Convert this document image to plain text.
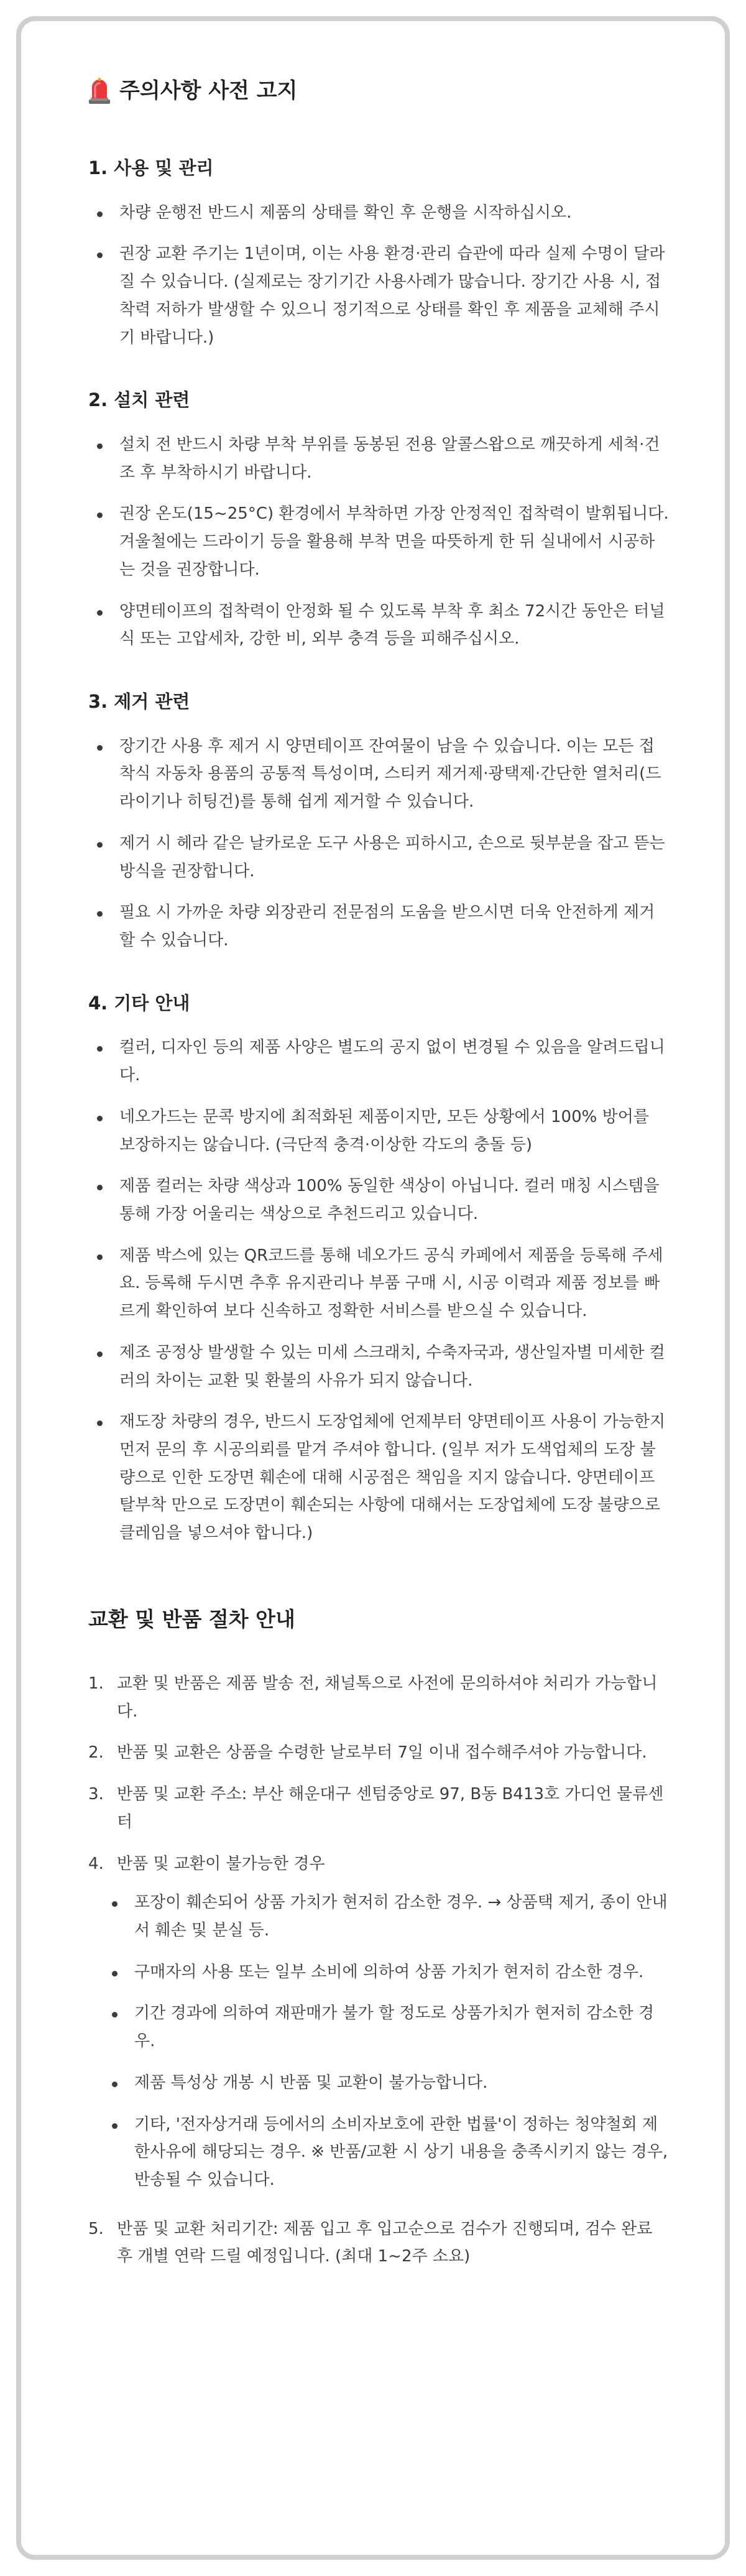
주의사항 사전 고지
1. 사용 및 관리
차량 운행전 반드시 제품의 상태를 확인 후 운행을 시작하십시오.
권장 교환 주기는 1년이며, 이는 사용 환경·관리 습관에 따라 실제 수명이 달라질 수 있습니다. (실제로는 장기기간 사용사례가 많습니다. 장기간 사용 시, 접착력 저하가 발생할 수 있으니 정기적으로 상태를 확인 후 제품을 교체해 주시기 바랍니다.)
2. 설치 관련
설치 전 반드시 차량 부착 부위를 동봉된 전용 알콜스왑으로 깨끗하게 세척·건조 후 부착하시기 바랍니다.
권장 온도(15~25°C) 환경에서 부착하면 가장 안정적인 접착력이 발휘됩니다. 겨울철에는 드라이기 등을 활용해 부착 면을 따뜻하게 한 뒤 실내에서 시공하는 것을 권장합니다.
양면테이프의 접착력이 안정화 될 수 있도록 부착 후 최소 72시간 동안은 터널식 또는 고압세차, 강한 비, 외부 충격 등을 피해주십시오.
3. 제거 관련
장기간 사용 후 제거 시 양면테이프 잔여물이 남을 수 있습니다. 이는 모든 접착식 자동차 용품의 공통적 특성이며, 스티커 제거제·광택제·간단한 열처리(드라이기나 히팅건)를 통해 쉽게 제거할 수 있습니다.
제거 시 헤라 같은 날카로운 도구 사용은 피하시고, 손으로 뒷부분을 잡고 뜯는 방식을 권장합니다.
필요 시 가까운 차량 외장관리 전문점의 도움을 받으시면 더욱 안전하게 제거할 수 있습니다.
4. 기타 안내
컬러, 디자인 등의 제품 사양은 별도의 공지 없이 변경될 수 있음을 알려드립니다.
네오가드는 문콕 방지에 최적화된 제품이지만, 모든 상황에서 100% 방어를 보장하지는 않습니다. (극단적 충격·이상한 각도의 충돌 등)
제품 컬러는 차량 색상과 100% 동일한 색상이 아닙니다. 컬러 매칭 시스템을 통해 가장 어울리는 색상으로 추천드리고 있습니다.
제품 박스에 있는 QR코드를 통해 네오가드 공식 카페에서 제품을 등록해 주세요. 등록해 두시면 추후 유지관리나 부품 구매 시, 시공 이력과 제품 정보를 빠르게 확인하여 보다 신속하고 정확한 서비스를 받으실 수 있습니다.
제조 공정상 발생할 수 있는 미세 스크래치, 수축자국과, 생산일자별 미세한 컬러의 차이는 교환 및 환불의 사유가 되지 않습니다.
재도장 차량의 경우, 반드시 도장업체에 언제부터 양면테이프 사용이 가능한지 먼저 문의 후 시공의뢰를 맡겨 주셔야 합니다. (일부 저가 도색업체의 도장 불량으로 인한 도장면 훼손에 대해 시공점은 책임을 지지 않습니다. 양면테이프 탈부착 만으로 도장면이 훼손되는 사항에 대해서는 도장업체에 도장 불량으로 클레임을 넣으셔야 합니다.)
교환 및 반품 절차 안내
1. 교환 및 반품은 제품 발송 전, 채널톡으로 사전에 문의하셔야 처리가 가능합니다.
2. 반품 및 교환은 상품을 수령한 날로부터 7일 이내 접수해주셔야 가능합니다.
3. 반품 및 교환 주소: 부산 해운대구 센텀중앙로 97, B동 B413호 가디언 물류센터
4. 반품 및 교환이 불가능한 경우
포장이 훼손되어 상품 가치가 현저히 감소한 경우. → 상품택 제거, 종이 안내서 훼손 및 분실 등.
구매자의 사용 또는 일부 소비에 의하여 상품 가치가 현저히 감소한 경우.
기간 경과에 의하여 재판매가 불가 할 정도로 상품가치가 현저히 감소한 경우.
제품 특성상 개봉 시 반품 및 교환이 불가능합니다.
기타, '전자상거래 등에서의 소비자보호에 관한 법률'이 정하는 청약철회 제한사유에 해당되는 경우. ※ 반품/교환 시 상기 내용을 충족시키지 않는 경우, 반송될 수 있습니다.
5. 반품 및 교환 처리기간: 제품 입고 후 입고순으로 검수가 진행되며, 검수 완료 후 개별 연락 드릴 예정입니다. (최대 1~2주 소요)
